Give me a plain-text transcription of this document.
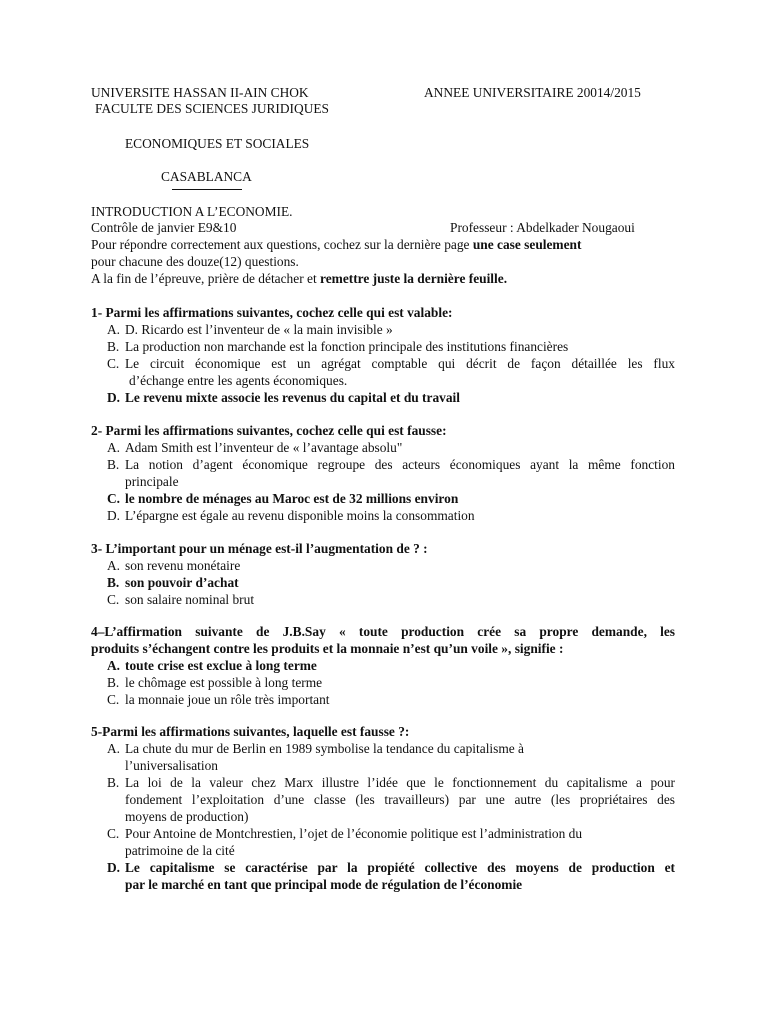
UNIVERSITE HASSAN II-AIN CHOK	ANNEE UNIVERSITAIRE 20014/2015
FACULTE DES SCIENCES JURIDIQUES
ECONOMIQUES ET SOCIALES
CASABLANCA
INTRODUCTION A L’ECONOMIE.
Contrôle de janvier E9&10	Professeur : Abdelkader Nougaoui
Pour répondre correctement aux questions, cochez sur la dernière page une case seulement
pour chacune des douze(12) questions.
A la fin de l’épreuve, prière de détacher et remettre juste la dernière feuille.
1- Parmi les affirmations suivantes, cochez celle qui est valable:
A. D. Ricardo est l’inventeur de « la main invisible »
B. La production non marchande est la fonction principale des institutions financières
C. Le circuit économique est un agrégat comptable qui décrit de façon détaillée les flux
d’échange entre les agents économiques.
D. Le revenu mixte associe les revenus du capital et du travail
2- Parmi les affirmations suivantes, cochez celle qui est fausse:
A. Adam Smith est l’inventeur de « l’avantage absolu"
B. La notion d’agent économique regroupe des acteurs économiques ayant la même fonction
principale
C. le nombre de ménages au Maroc est de 32 millions environ
D. L’épargne est égale au revenu disponible moins la consommation
3- L’important pour un ménage est-il l’augmentation de ? :
A. son revenu monétaire
B. son pouvoir d’achat
C. son salaire nominal brut
4–L’affirmation suivante de J.B.Say « toute production crée sa propre demande, les
produits s’échangent contre les produits et la monnaie n’est qu’un voile », signifie :
A. toute crise est exclue à long terme
B. le chômage est possible à long terme
C. la monnaie joue un rôle très important
5-Parmi les affirmations suivantes, laquelle est fausse ?:
A. La chute du mur de Berlin en 1989 symbolise la tendance du capitalisme à
l’universalisation
B. La loi de la valeur chez Marx illustre l’idée que le fonctionnement du capitalisme a pour
fondement l’exploitation d’une classe (les travailleurs) par une autre (les propriétaires des
moyens de production)
C. Pour Antoine de Montchrestien, l’ojet de l’économie politique est l’administration du
patrimoine de la cité
D. Le capitalisme se caractérise par la propiété collective des moyens de production et
par le marché en tant que principal mode de régulation de l’économie
